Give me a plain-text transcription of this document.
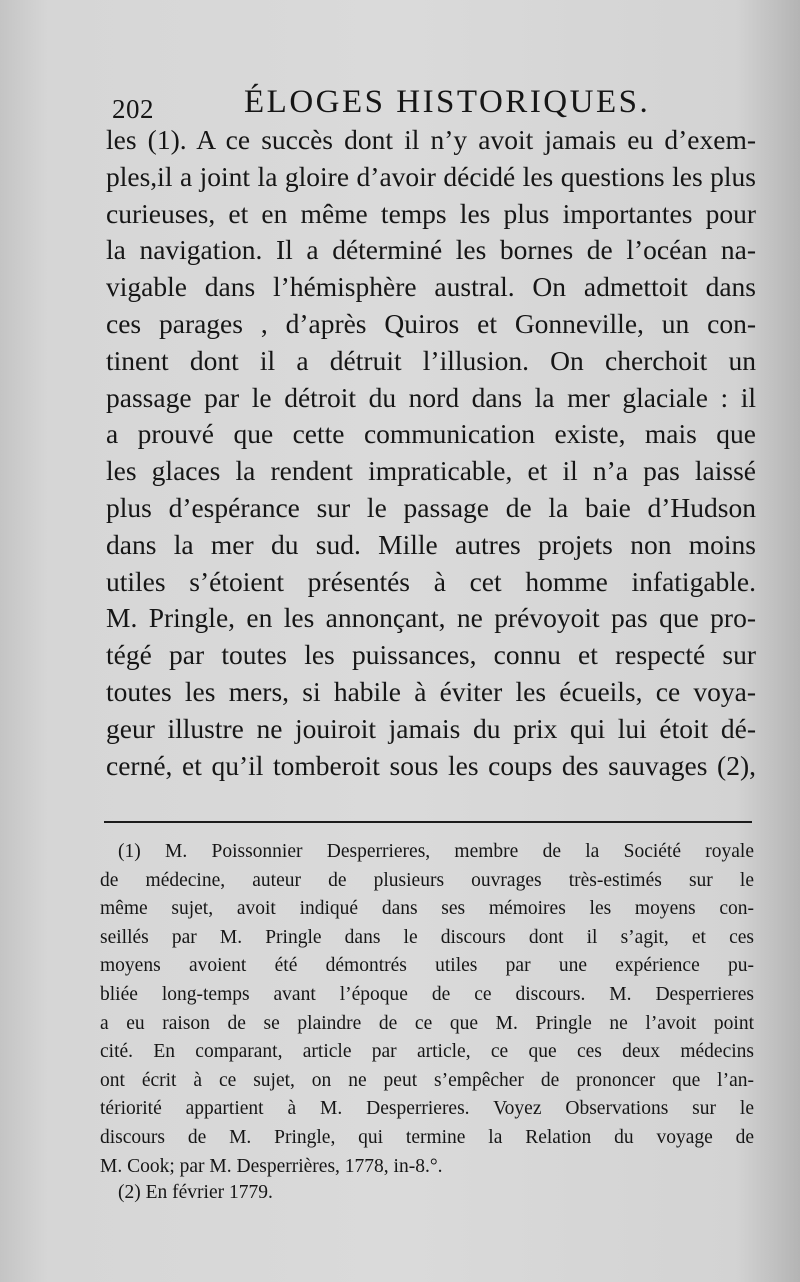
202	ÉLOGES HISTORIQUES.
les (1). A ce succès dont il n’y avoit jamais eu d’exem-
ples,il a joint la gloire d’avoir décidé les questions les plus
curieuses, et en même temps les plus importantes pour
la navigation. Il a déterminé les bornes de l’océan na-
vigable dans l’hémisphère austral. On admettoit dans
ces parages , d’après Quiros et Gonneville, un con-
tinent dont il a détruit l’illusion. On cherchoit un
passage par le détroit du nord dans la mer glaciale : il
a prouvé que cette communication existe, mais que
les glaces la rendent impraticable, et il n’a pas laissé
plus d’espérance sur le passage de la baie d’Hudson
dans la mer du sud. Mille autres projets non moins
utiles s’étoient présentés à cet homme infatigable.
M. Pringle, en les annonçant, ne prévoyoit pas que pro-
tégé par toutes les puissances, connu et respecté sur
toutes les mers, si habile à éviter les écueils, ce voya-
geur illustre ne jouiroit jamais du prix qui lui étoit dé-
cerné, et qu’il tomberoit sous les coups des sauvages (2),
(1) M. Poissonnier Desperrieres, membre de la Société royale
de médecine, auteur de plusieurs ouvrages très-estimés sur le
même sujet, avoit indiqué dans ses mémoires les moyens con-
seillés par M. Pringle dans le discours dont il s’agit, et ces
moyens avoient été démontrés utiles par une expérience pu-
bliée long-temps avant l’époque de ce discours. M. Desperrieres
a eu raison de se plaindre de ce que M. Pringle ne l’avoit point
cité. En comparant, article par article, ce que ces deux médecins
ont écrit à ce sujet, on ne peut s’empêcher de prononcer que l’an-
tériorité appartient à M. Desperrieres. Voyez Observations sur le
discours de M. Pringle, qui termine la Relation du voyage de
M. Cook; par M. Desperrières, 1778, in-8.°.
(2) En février 1779.
